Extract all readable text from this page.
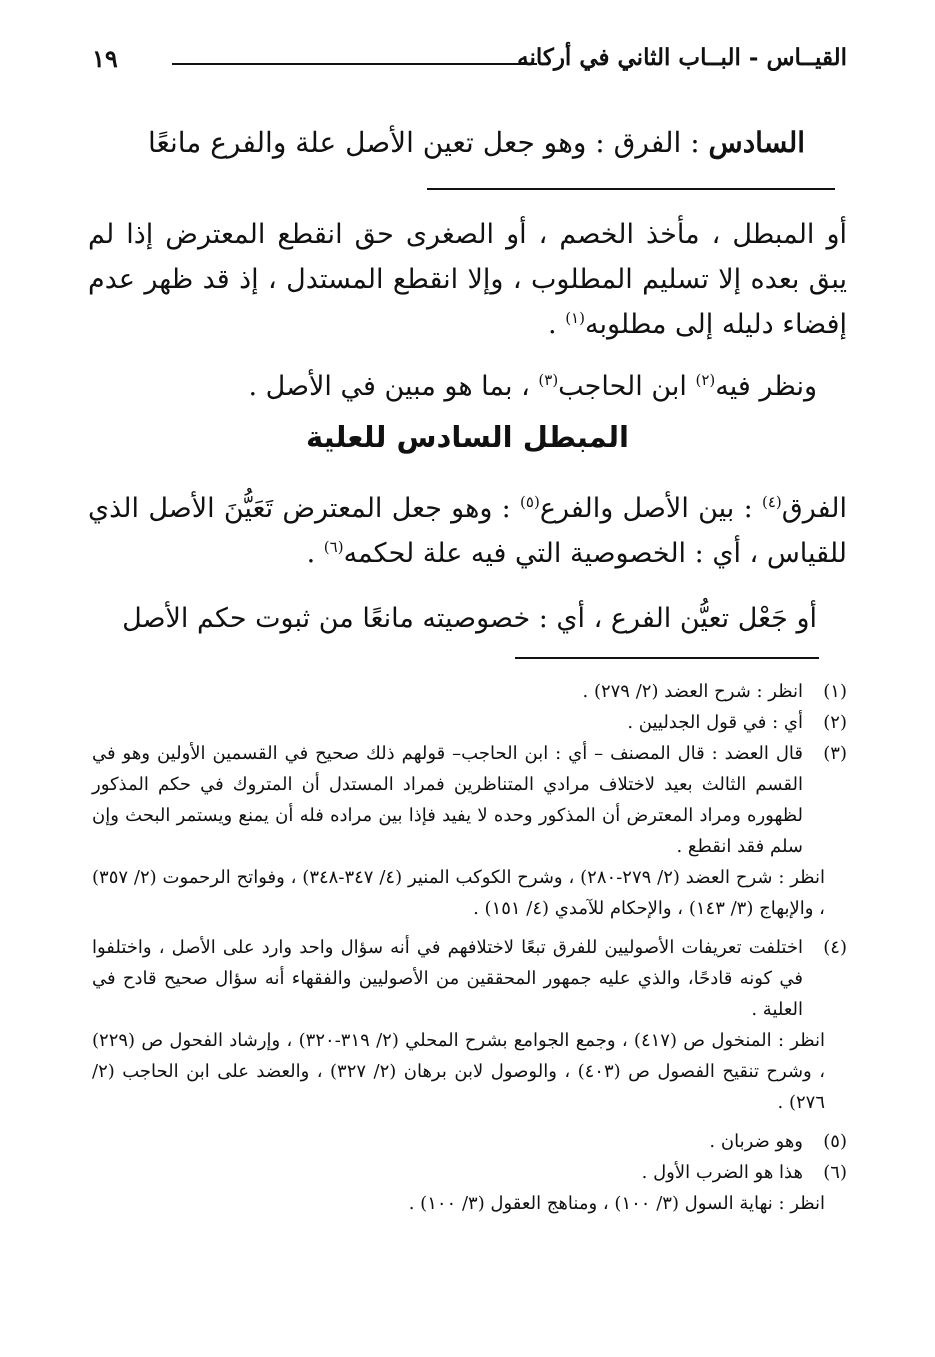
القيــاس - البــاب الثاني في أركانه
١٩
السادس : الفرق : وهو جعل تعين الأصل علة والفرع مانعًا

أو المبطل ، مأخذ الخصم ، أو الصغرى حق انقطع المعترض إذا لم يبق بعده إلا تسليم المطلوب ، وإلا انقطع المستدل ، إذ قد ظهر عدم إفضاء دليله إلى مطلوبه$^{(١)}$ .

ونظر فيه$^{(٢)}$ ابن الحاجب$^{(٣)}$ ، بما هو مبين في الأصل .

المبطل السادس للعلية

الفرق$^{(٤)}$ : بين الأصل والفرع$^{(٥)}$ : وهو جعل المعترض تَعَيُّنَ الأصل الذي للقياس ، أي : الخصوصية التي فيه علة لحكمه$^{(٦)}$ .

أو جَعْل تعيُّن الفرع ، أي : خصوصيته مانعًا من ثبوت حكم الأصل

(١)
انظر : شرح العضد (٢/ ٢٧٩) .

(٢)
أي : في قول الجدليين .

(٣)
قال العضد : قال المصنف – أي : ابن الحاجب– قولهم ذلك صحيح في القسمين الأولين وهو في القسم الثالث بعيد لاختلاف مرادي المتناظرين فمراد المستدل أن المتروك في حكم المذكور لظهوره ومراد المعترض أن المذكور وحده لا يفيد فإذا بين مراده فله أن يمنع ويستمر البحث وإن سلم فقد انقطع .

انظر : شرح العضد (٢/ ٢٧٩-٢٨٠) ، وشرح الكوكب المنير (٤/ ٣٤٧-٣٤٨) ، وفواتح الرحموت (٢/ ٣٥٧) ، والإبهاج (٣/ ١٤٣) ، والإحكام للآمدي (٤/ ١٥١) .

(٤)
اختلفت تعريفات الأصوليين للفرق تبعًا لاختلافهم في أنه سؤال واحد وارد على الأصل ، واختلفوا في كونه قادحًا، والذي عليه جمهور المحققين من الأصوليين والفقهاء أنه سؤال صحيح قادح في العلية .

انظر : المنخول ص (٤١٧) ، وجمع الجوامع بشرح المحلي (٢/ ٣١٩-٣٢٠) ، وإرشاد الفحول ص (٢٢٩) ، وشرح تنقيح الفصول ص (٤٠٣) ، والوصول لابن برهان (٢/ ٣٢٧) ، والعضد على ابن الحاجب (٢/ ٢٧٦) .

(٥)
وهو ضربان .

(٦)
هذا هو الضرب الأول .

انظر : نهاية السول (٣/ ١٠٠) ، ومناهج العقول (٣/ ١٠٠) .
